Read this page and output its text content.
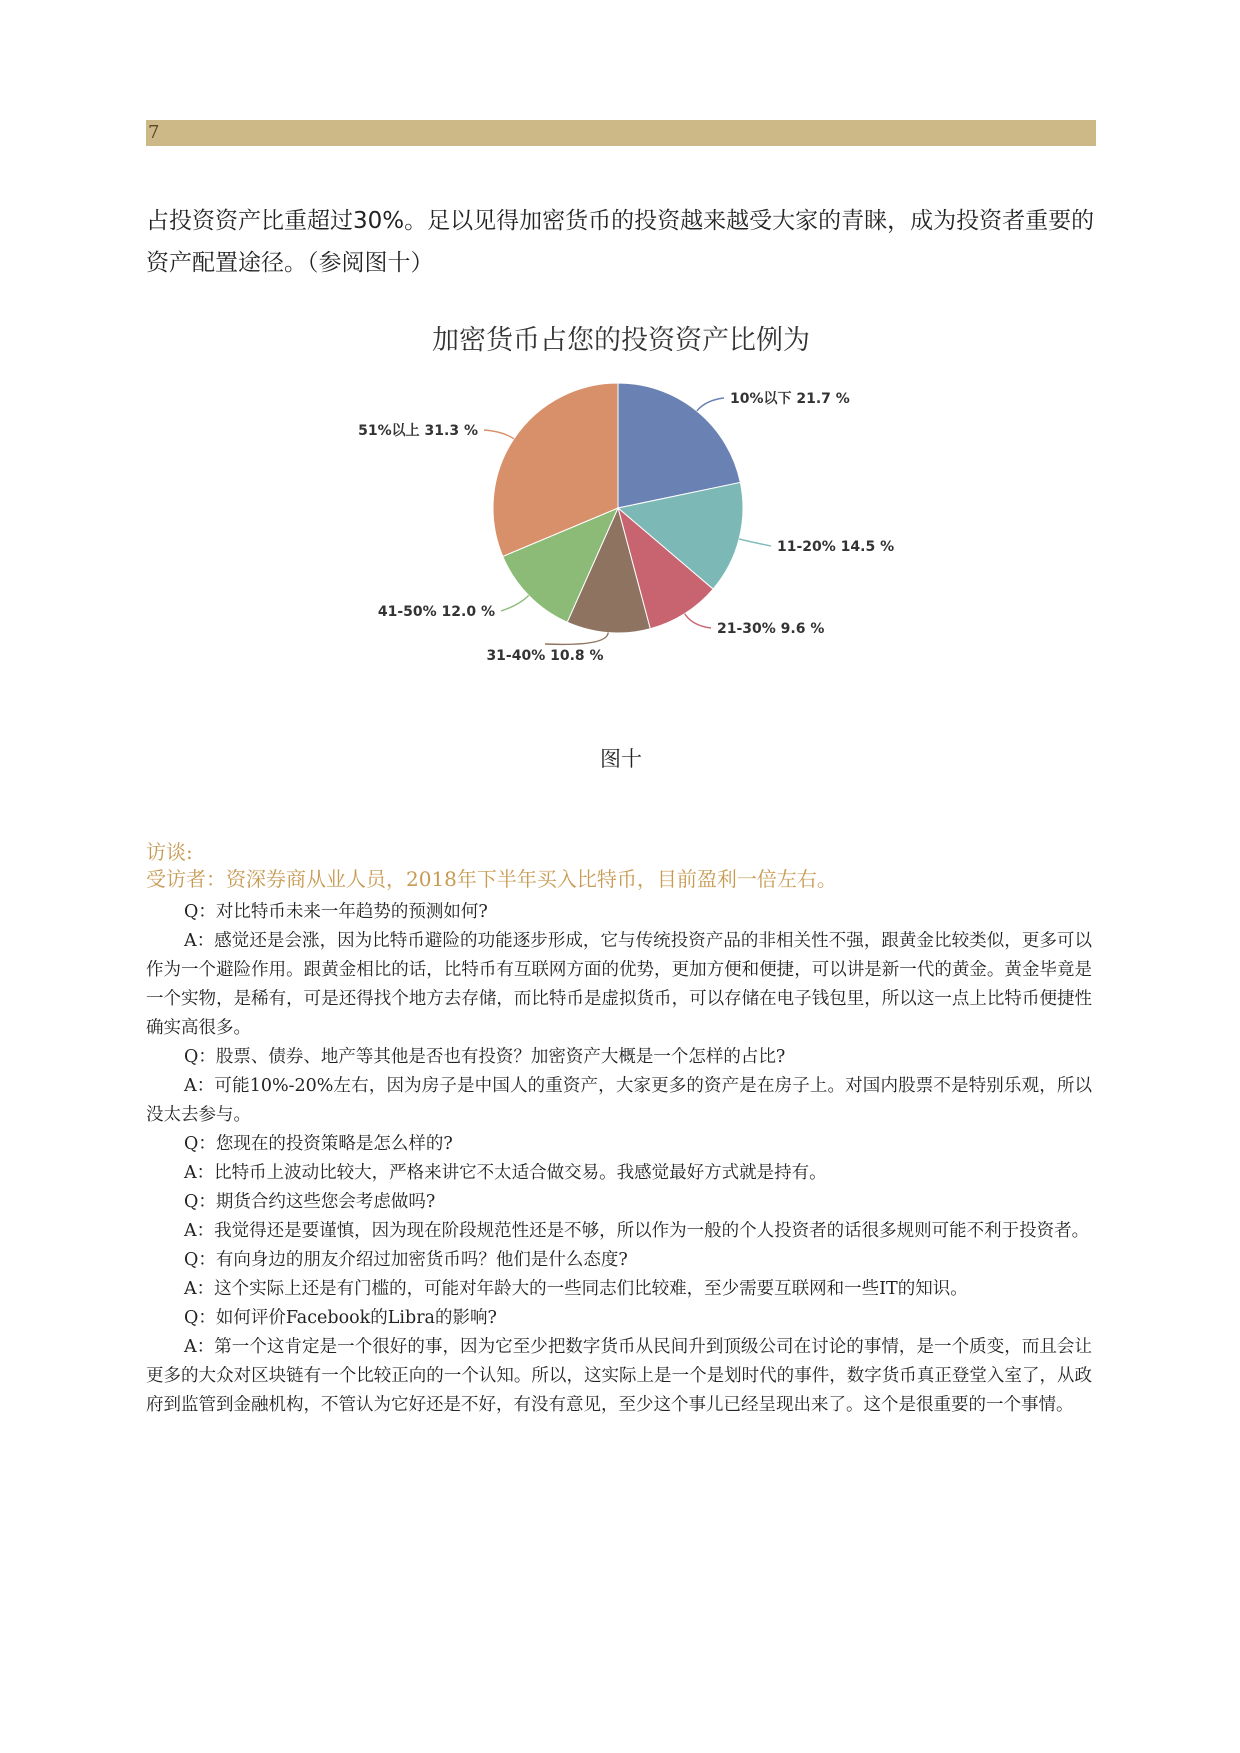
7
占投资资产比重超过30%。足以见得加密货币的投资越来越受大家的青睐，成为投资者重要的资产配置途径。（参阅图十）
加密货币占您的投资资产比例为
10%以下 21.7 %
11-20% 14.5 %
21-30% 9.6 %
31-40% 10.8 %
41-50% 12.0 %
51%以上 31.3 %
图十
访谈:
受访者：资深券商从业人员，2018年下半年买入比特币，目前盈利一倍左右。

Q：对比特币未来一年趋势的预测如何?

A：感觉还是会涨，因为比特币避险的功能逐步形成，它与传统投资产品的非相关性不强，跟黄金比较类似，更多可以作为一个避险作用。跟黄金相比的话，比特币有互联网方面的优势，更加方便和便捷，可以讲是新一代的黄金。黄金毕竟是一个实物，是稀有，可是还得找个地方去存储，而比特币是虚拟货币，可以存储在电子钱包里，所以这一点上比特币便捷性确实高很多。

Q：股票、债券、地产等其他是否也有投资？加密资产大概是一个怎样的占比?

A：可能10%-20%左右，因为房子是中国人的重资产，大家更多的资产是在房子上。对国内股票不是特别乐观，所以没太去参与。

Q：您现在的投资策略是怎么样的?

A：比特币上波动比较大，严格来讲它不太适合做交易。我感觉最好方式就是持有。

Q：期货合约这些您会考虑做吗?

A：我觉得还是要谨慎，因为现在阶段规范性还是不够，所以作为一般的个人投资者的话很多规则可能不利于投资者。

Q：有向身边的朋友介绍过加密货币吗？他们是什么态度?

A：这个实际上还是有门槛的，可能对年龄大的一些同志们比较难，至少需要互联网和一些IT的知识。

Q：如何评价Facebook的Libra的影响?

A：第一个这肯定是一个很好的事，因为它至少把数字货币从民间升到顶级公司在讨论的事情，是一个质变，而且会让更多的大众对区块链有一个比较正向的一个认知。所以，这实际上是一个是划时代的事件，数字货币真正登堂入室了，从政府到监管到金融机构，不管认为它好还是不好，有没有意见，至少这个事儿已经呈现出来了。这个是很重要的一个事情。
